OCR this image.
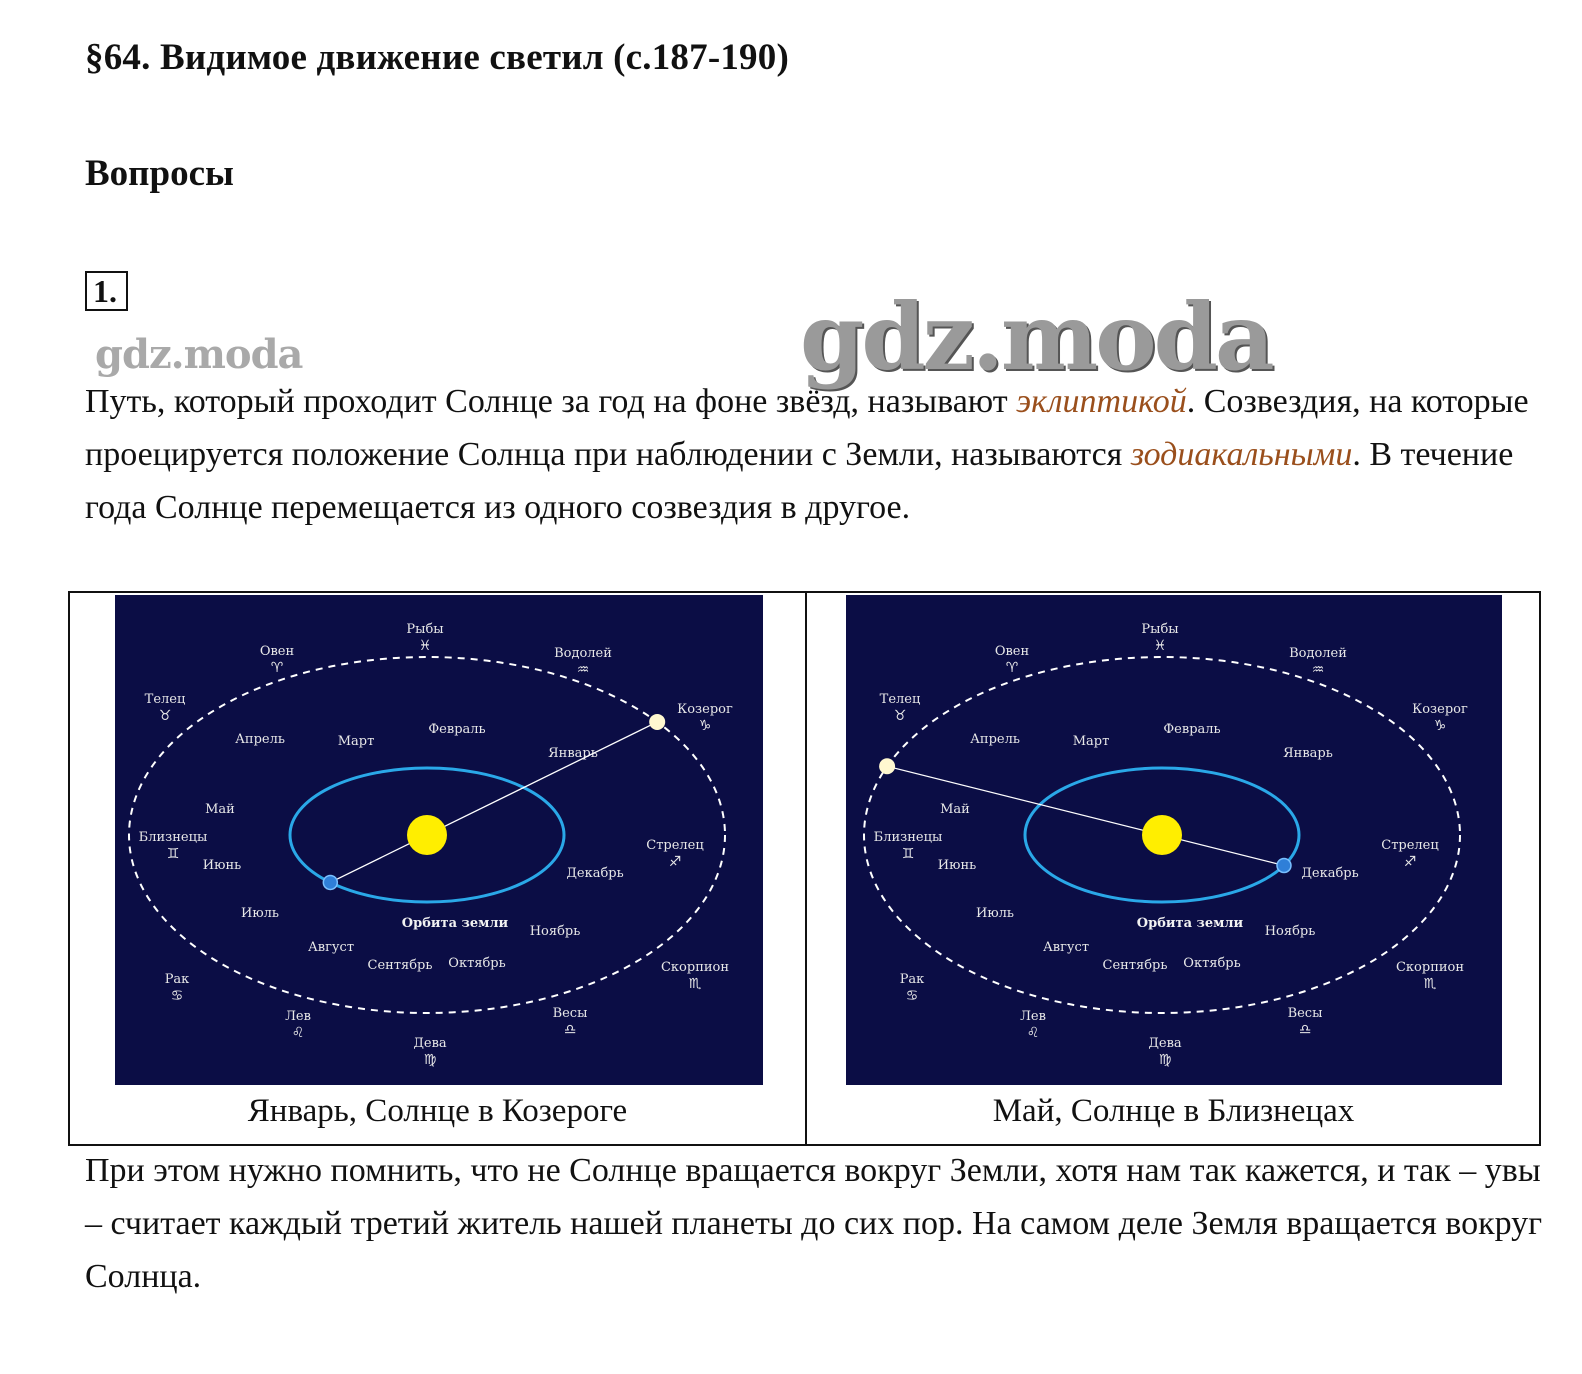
§64. Видимое движение светил (с.187-190)
Вопросы
1.
gdz.moda	gdz.moda

Путь, который проходит Солнце за год на фоне звёзд, называют эклиптикой. Созвездия, на которые проецируется положение Солнца при наблюдении с Земли, называются зодиакальными. В течение года Солнце перемещается из одного созвездия в другое.

Рыбы
♓	Водолей
♒
Козерог
♑
Стрелец
♐
Скорпион
♏
Весы
♎
Дева
♍
Лев
♌
Рак
♋
Близнецы
♊
Телец
♉
Овен
♈
Январь
Февраль
Март
Апрель
Май
Июнь
Июль
Август
Сентябрь Октябрь
Ноябрь
Декабрь
Орбита земли
Рыбы
♓	Водолей
♒
Козерог
♑
Стрелец
♐
Скорпион
♏
Весы
♎
Дева
♍
Лев
♌
Рак
♋
Близнецы
♊
Телец
♉
Овен
♈
Январь
Февраль
Март
Апрель
Май
Июнь
Июль
Август
Сентябрь Октябрь
Ноябрь
Декабрь
Орбита земли
Январь, Солнце в Козероге	Май, Солнце в Близнецах

При этом нужно помнить, что не Солнце вращается вокруг Земли, хотя нам так кажется, и так – увы – считает каждый третий житель нашей планеты до сих пор. На самом деле Земля вращается вокруг Солнца.
